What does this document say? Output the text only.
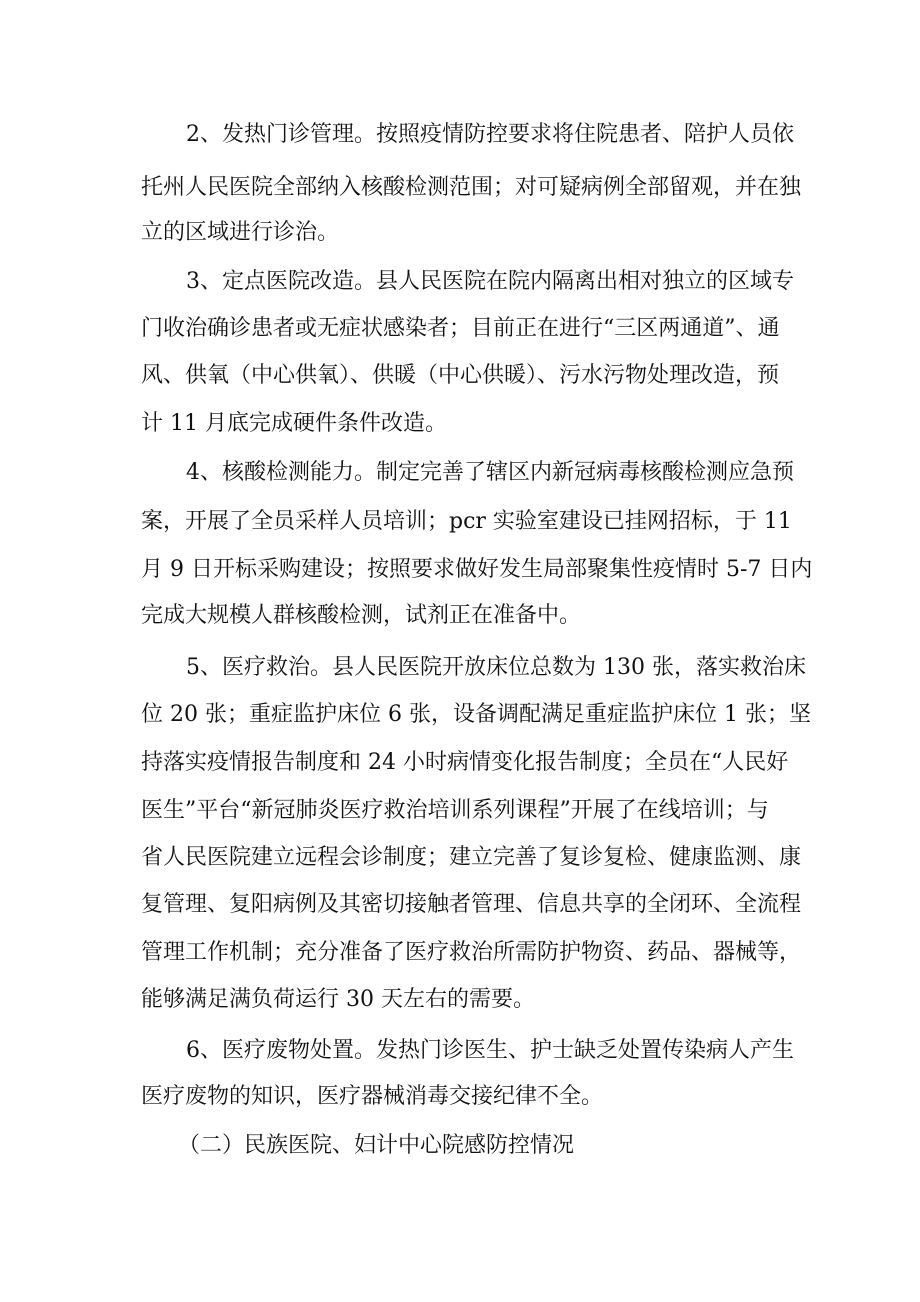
2、发热门诊管理。按照疫情防控要求将住院患者、陪护人员依
托州人民医院全部纳入核酸检测范围；对可疑病例全部留观，并在独
立的区域进行诊治。
3、定点医院改造。县人民医院在院内隔离出相对独立的区域专
门收治确诊患者或无症状感染者；目前正在进行“三区两通道”、通
风、供氧（中心供氧）、供暖（中心供暖）、污水污物处理改造，预
计 11 月底完成硬件条件改造。
4、核酸检测能力。制定完善了辖区内新冠病毒核酸检测应急预
案，开展了全员采样人员培训；pcr 实验室建设已挂网招标，于 11
月 9 日开标采购建设；按照要求做好发生局部聚集性疫情时 5-7 日内
完成大规模人群核酸检测，试剂正在准备中。
5、医疗救治。县人民医院开放床位总数为 130 张，落实救治床
位 20 张；重症监护床位 6 张，设备调配满足重症监护床位 1 张；坚
持落实疫情报告制度和 24 小时病情变化报告制度；全员在“人民好
医生”平台“新冠肺炎医疗救治培训系列课程”开展了在线培训；与
省人民医院建立远程会诊制度；建立完善了复诊复检、健康监测、康
复管理、复阳病例及其密切接触者管理、信息共享的全闭环、全流程
管理工作机制；充分准备了医疗救治所需防护物资、药品、器械等，
能够满足满负荷运行 30 天左右的需要。
6、医疗废物处置。发热门诊医生、护士缺乏处置传染病人产生
医疗废物的知识，医疗器械消毒交接纪律不全。
（二）民族医院、妇计中心院感防控情况
